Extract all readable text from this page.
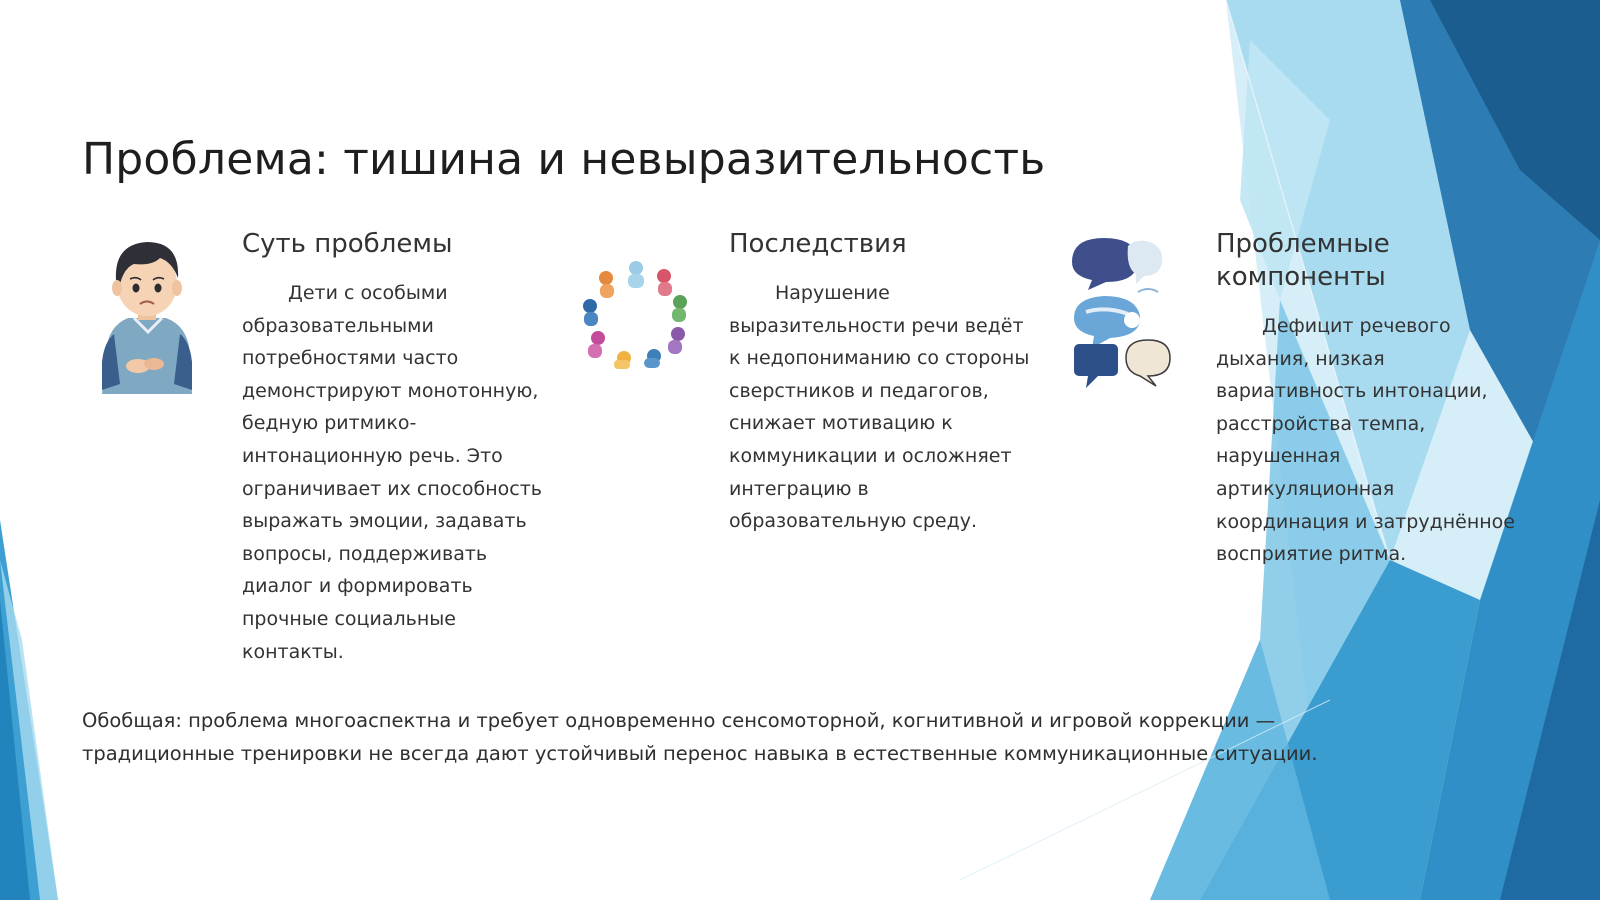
Проблема: тишина и невыразительность
Суть проблемы

Дети с особыми образовательными потребностями часто демонстрируют монотонную, бедную ритмико-интонационную речь. Это ограничивает их способность выражать эмоции, задавать вопросы, поддерживать диалог и формировать прочные социальные контакты.

Последствия

Нарушение выразительности речи ведёт к недопониманию со стороны сверстников и педагогов, снижает мотивацию к коммуникации и осложняет интеграцию в образовательную среду.

Проблемные компоненты

Дефицит речевого дыхания, низкая вариативность интонации, расстройства темпа, нарушенная артикуляционная координация и затруднённое восприятие ритма.

Обобщая: проблема многоаспектна и требует одновременно сенсомоторной, когнитивной и игровой коррекции — традиционные тренировки не всегда дают устойчивый перенос навыка в естественные коммуникационные ситуации.
